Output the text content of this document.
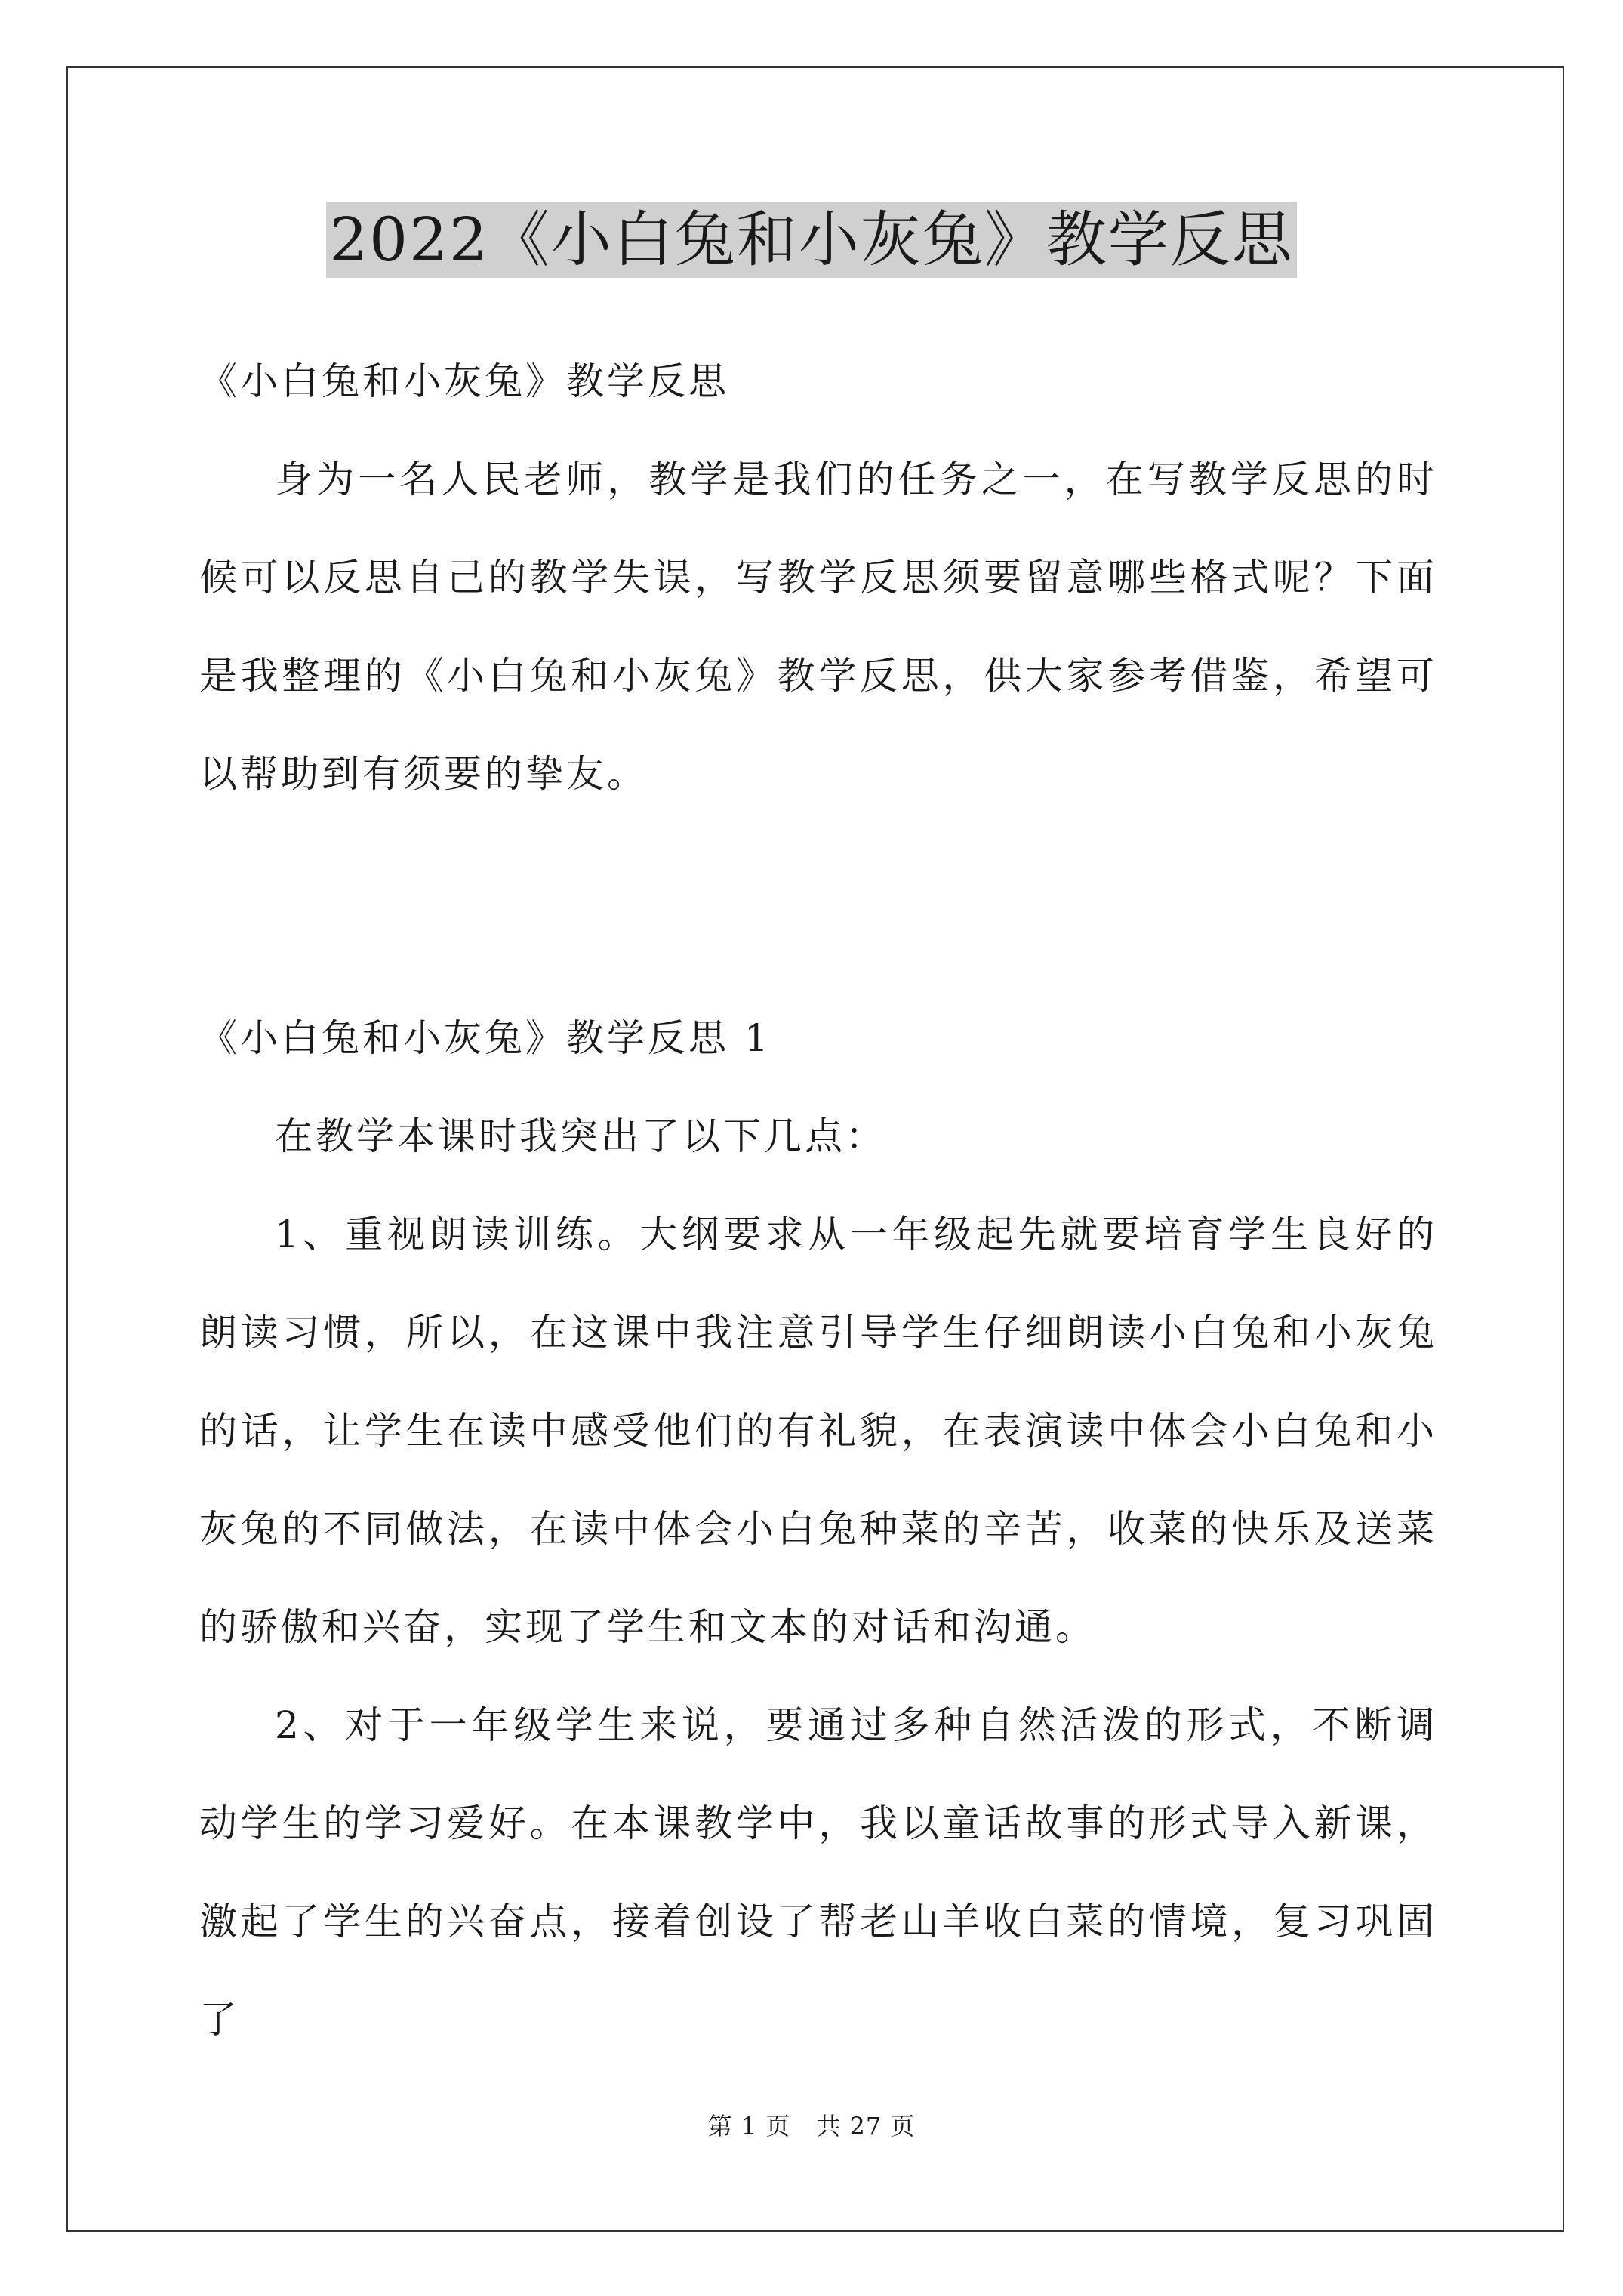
2022《小白兔和小灰兔》教学反思
《小白兔和小灰兔》教学反思

身为一名人民老师，教学是我们的任务之一，在写教学反思的时候可以反思自己的教学失误，写教学反思须要留意哪些格式呢？下面是我整理的《小白兔和小灰兔》教学反思，供大家参考借鉴，希望可以帮助到有须要的挚友。

《小白兔和小灰兔》教学反思 1

在教学本课时我突出了以下几点：

1、重视朗读训练。大纲要求从一年级起先就要培育学生良好的朗读习惯，所以，在这课中我注意引导学生仔细朗读小白兔和小灰兔的话，让学生在读中感受他们的有礼貌，在表演读中体会小白兔和小灰兔的不同做法，在读中体会小白兔种菜的辛苦，收菜的快乐及送菜的骄傲和兴奋，实现了学生和文本的对话和沟通。

2、对于一年级学生来说，要通过多种自然活泼的形式，不断调动学生的学习爱好。在本课教学中，我以童话故事的形式导入新课，激起了学生的兴奋点，接着创设了帮老山羊收白菜的情境，复习巩固了

第 1 页 共 27 页
